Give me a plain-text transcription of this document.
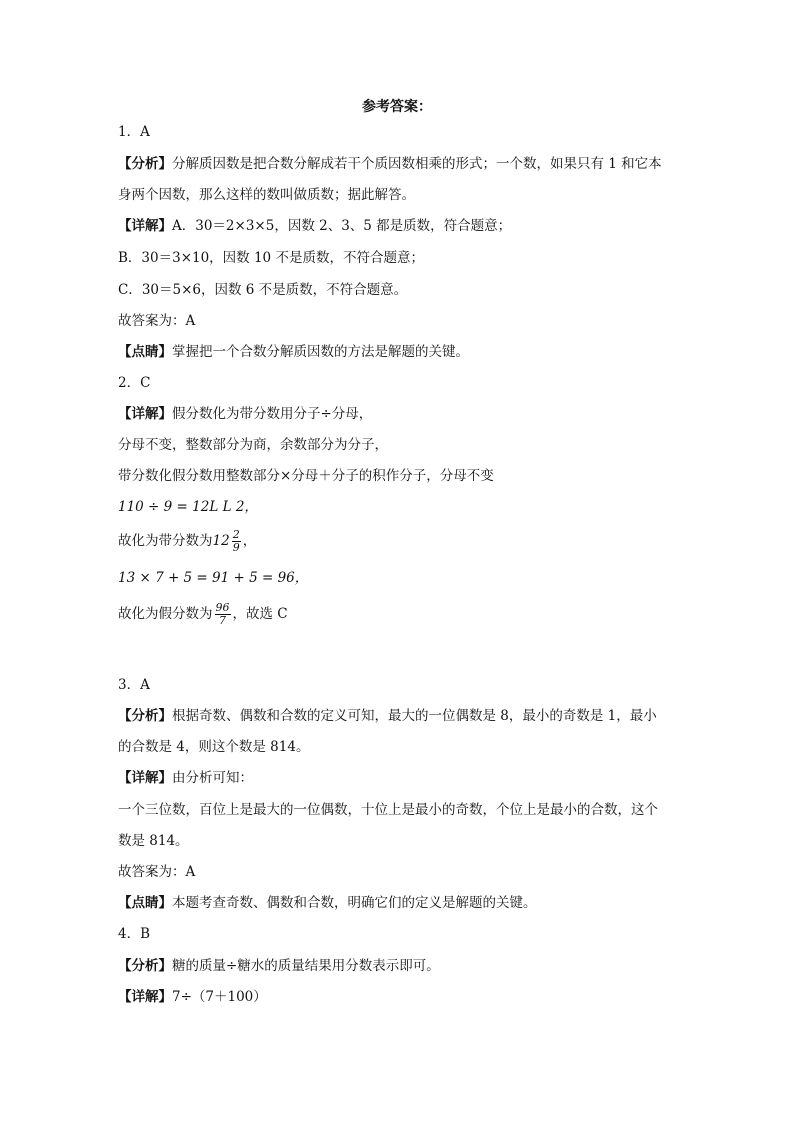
参考答案：
1．A
【分析】分解质因数是把合数分解成若干个质因数相乘的形式；一个数，如果只有 1 和它本
身两个因数，那么这样的数叫做质数；据此解答。
【详解】A．30＝2×3×5，因数 2、3、5 都是质数，符合题意；
B．30＝3×10，因数 10 不是质数，不符合题意；
C．30＝5×6，因数 6 不是质数，不符合题意。
故答案为：A
【点睛】掌握把一个合数分解质因数的方法是解题的关键。
2．C
【详解】假分数化为带分数用分子÷分母，
分母不变，整数部分为商，余数部分为分子，
带分数化假分数用整数部分×分母＋分子的积作分子，分母不变
110 ÷ 9 = 12L L 2，
故化为带分数为$12 \frac{2}{9}$ ，
13 × 7 + 5 = 91 + 5 = 96，
故化为假分数为 $\frac{96}{7}$ ，故选 C
3．A
【分析】根据奇数、偶数和合数的定义可知，最大的一位偶数是 8，最小的奇数是 1，最小
的合数是 4，则这个数是 814。
【详解】由分析可知：
一个三位数，百位上是最大的一位偶数，十位上是最小的奇数，个位上是最小的合数，这个
数是 814。
故答案为：A
【点睛】本题考查奇数、偶数和合数，明确它们的定义是解题的关键。
4．B
【分析】糖的质量÷糖水的质量结果用分数表示即可。
【详解】7÷（7＋100）
